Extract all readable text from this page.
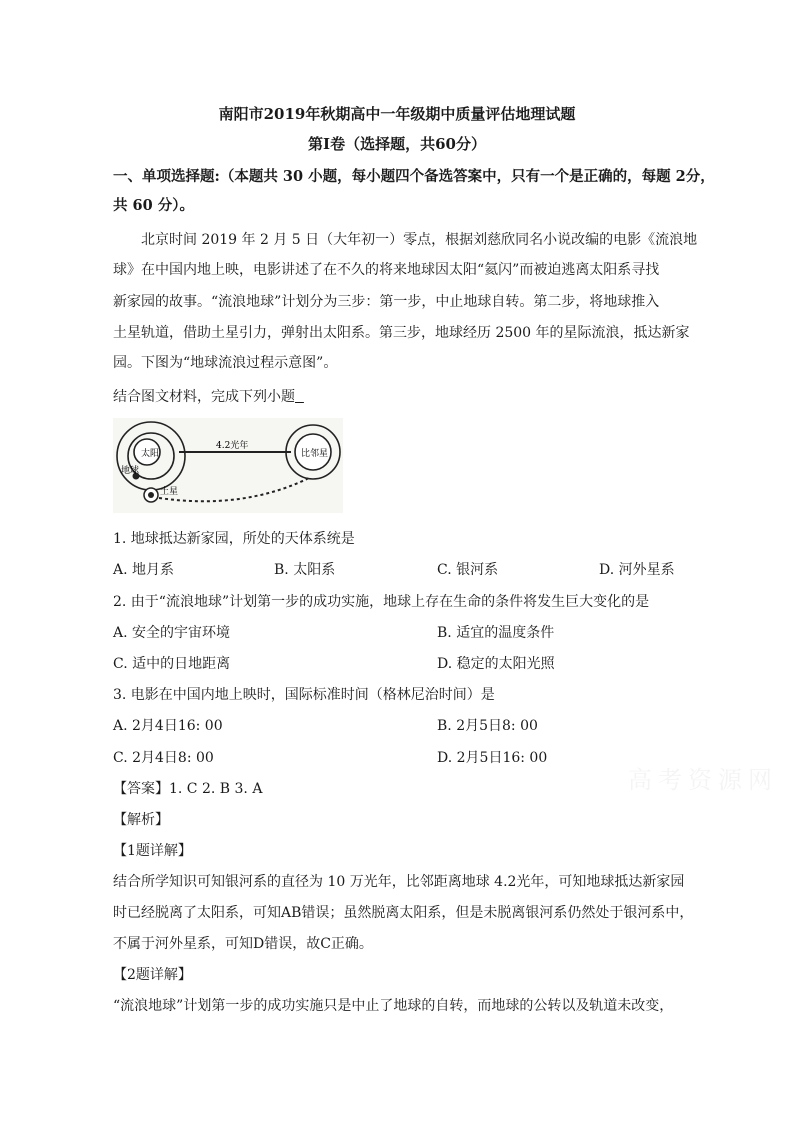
南阳市2019年秋期高中一年级期中质量评估地理试题
第Ⅰ卷（选择题，共60分）
一、单项选择题:（本题共 30 小题，每小题四个备选答案中，只有一个是正确的，每题 2分，
共 60 分）。
北京时间 2019 年 2 月 5 日（大年初一）零点，根据刘慈欣同名小说改编的电影《流浪地
球》在中国内地上映，电影讲述了在不久的将来地球因太阳“氦闪”而被迫逃离太阳系寻找
新家园的故事。“流浪地球”计划分为三步：第一步，中止地球自转。第二步，将地球推入
土星轨道，借助土星引力，弹射出太阳系。第三步，地球经历 2500 年的星际流浪，抵达新家
园。下图为“地球流浪过程示意图”。
结合图文材料，完成下列小题
太阳
地球
土星
4.2光年
比邻星
1. 地球抵达新家园，所处的天体系统是
A. 地月系	B. 太阳系	C. 银河系	D. 河外星系
2. 由于“流浪地球”计划第一步的成功实施，地球上存在生命的条件将发生巨大变化的是
A. 安全的宇宙环境	B. 适宜的温度条件
C. 适中的日地距离	D. 稳定的太阳光照
3. 电影在中国内地上映时，国际标准时间（格林尼治时间）是
A. 2月4日16: 00	B. 2月5日8: 00
C. 2月4日8: 00	D. 2月5日16: 00
高考资源网
【答案】1. C 2. B 3. A
【解析】
【1题详解】
结合所学知识可知银河系的直径为 10 万光年，比邻距离地球 4.2光年，可知地球抵达新家园
时已经脱离了太阳系，可知AB错误；虽然脱离太阳系，但是未脱离银河系仍然处于银河系中，
不属于河外星系，可知D错误，故C正确。
【2题详解】
“流浪地球”计划第一步的成功实施只是中止了地球的自转，而地球的公转以及轨道未改变，
